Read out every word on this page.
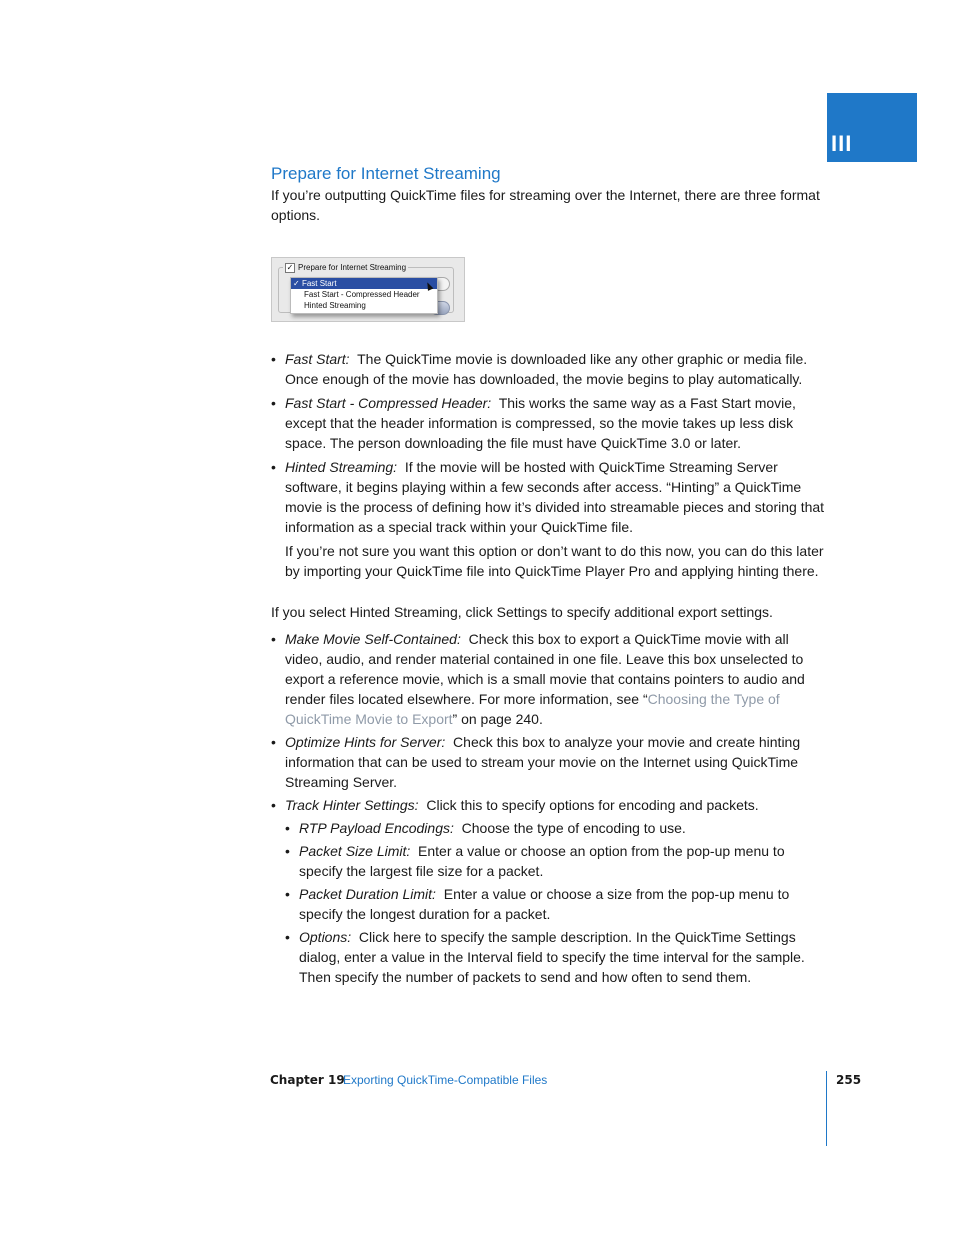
III
Prepare for Internet Streaming

If you’re outputting QuickTime files for streaming over the Internet, there are three format options.

✓ Prepare for Internet Streaming
✓ Fast Start
Fast Start - Compressed Header
Hinted Streaming
• Fast Start: The QuickTime movie is downloaded like any other graphic or media file. Once enough of the movie has downloaded, the movie begins to play automatically.
• Fast Start - Compressed Header: This works the same way as a Fast Start movie, except that the header information is compressed, so the movie takes up less disk space. The person downloading the file must have QuickTime 3.0 or later.
• Hinted Streaming: If the movie will be hosted with QuickTime Streaming Server software, it begins playing within a few seconds after access. “Hinting” a QuickTime movie is the process of defining how it’s divided into streamable pieces and storing that information as a special track within your QuickTime file.

If you’re not sure you want this option or don’t want to do this now, you can do this later by importing your QuickTime file into QuickTime Player Pro and applying hinting there.

If you select Hinted Streaming, click Settings to specify additional export settings.

• Make Movie Self-Contained: Check this box to export a QuickTime movie with all video, audio, and render material contained in one file. Leave this box unselected to export a reference movie, which is a small movie that contains pointers to audio and render files located elsewhere. For more information, see “Choosing the Type of QuickTime Movie to Export” on page 240.
• Optimize Hints for Server: Check this box to analyze your movie and create hinting information that can be used to stream your movie on the Internet using QuickTime Streaming Server.
• Track Hinter Settings: Click this to specify options for encoding and packets.
• RTP Payload Encodings: Choose the type of encoding to use.
• Packet Size Limit: Enter a value or choose an option from the pop-up menu to specify the largest file size for a packet.
• Packet Duration Limit: Enter a value or choose a size from the pop-up menu to specify the longest duration for a packet.
• Options: Click here to specify the sample description. In the QuickTime Settings dialog, enter a value in the Interval field to specify the time interval for the sample. Then specify the number of packets to send and how often to send them.
Chapter 19
Exporting QuickTime-Compatible Files	255
